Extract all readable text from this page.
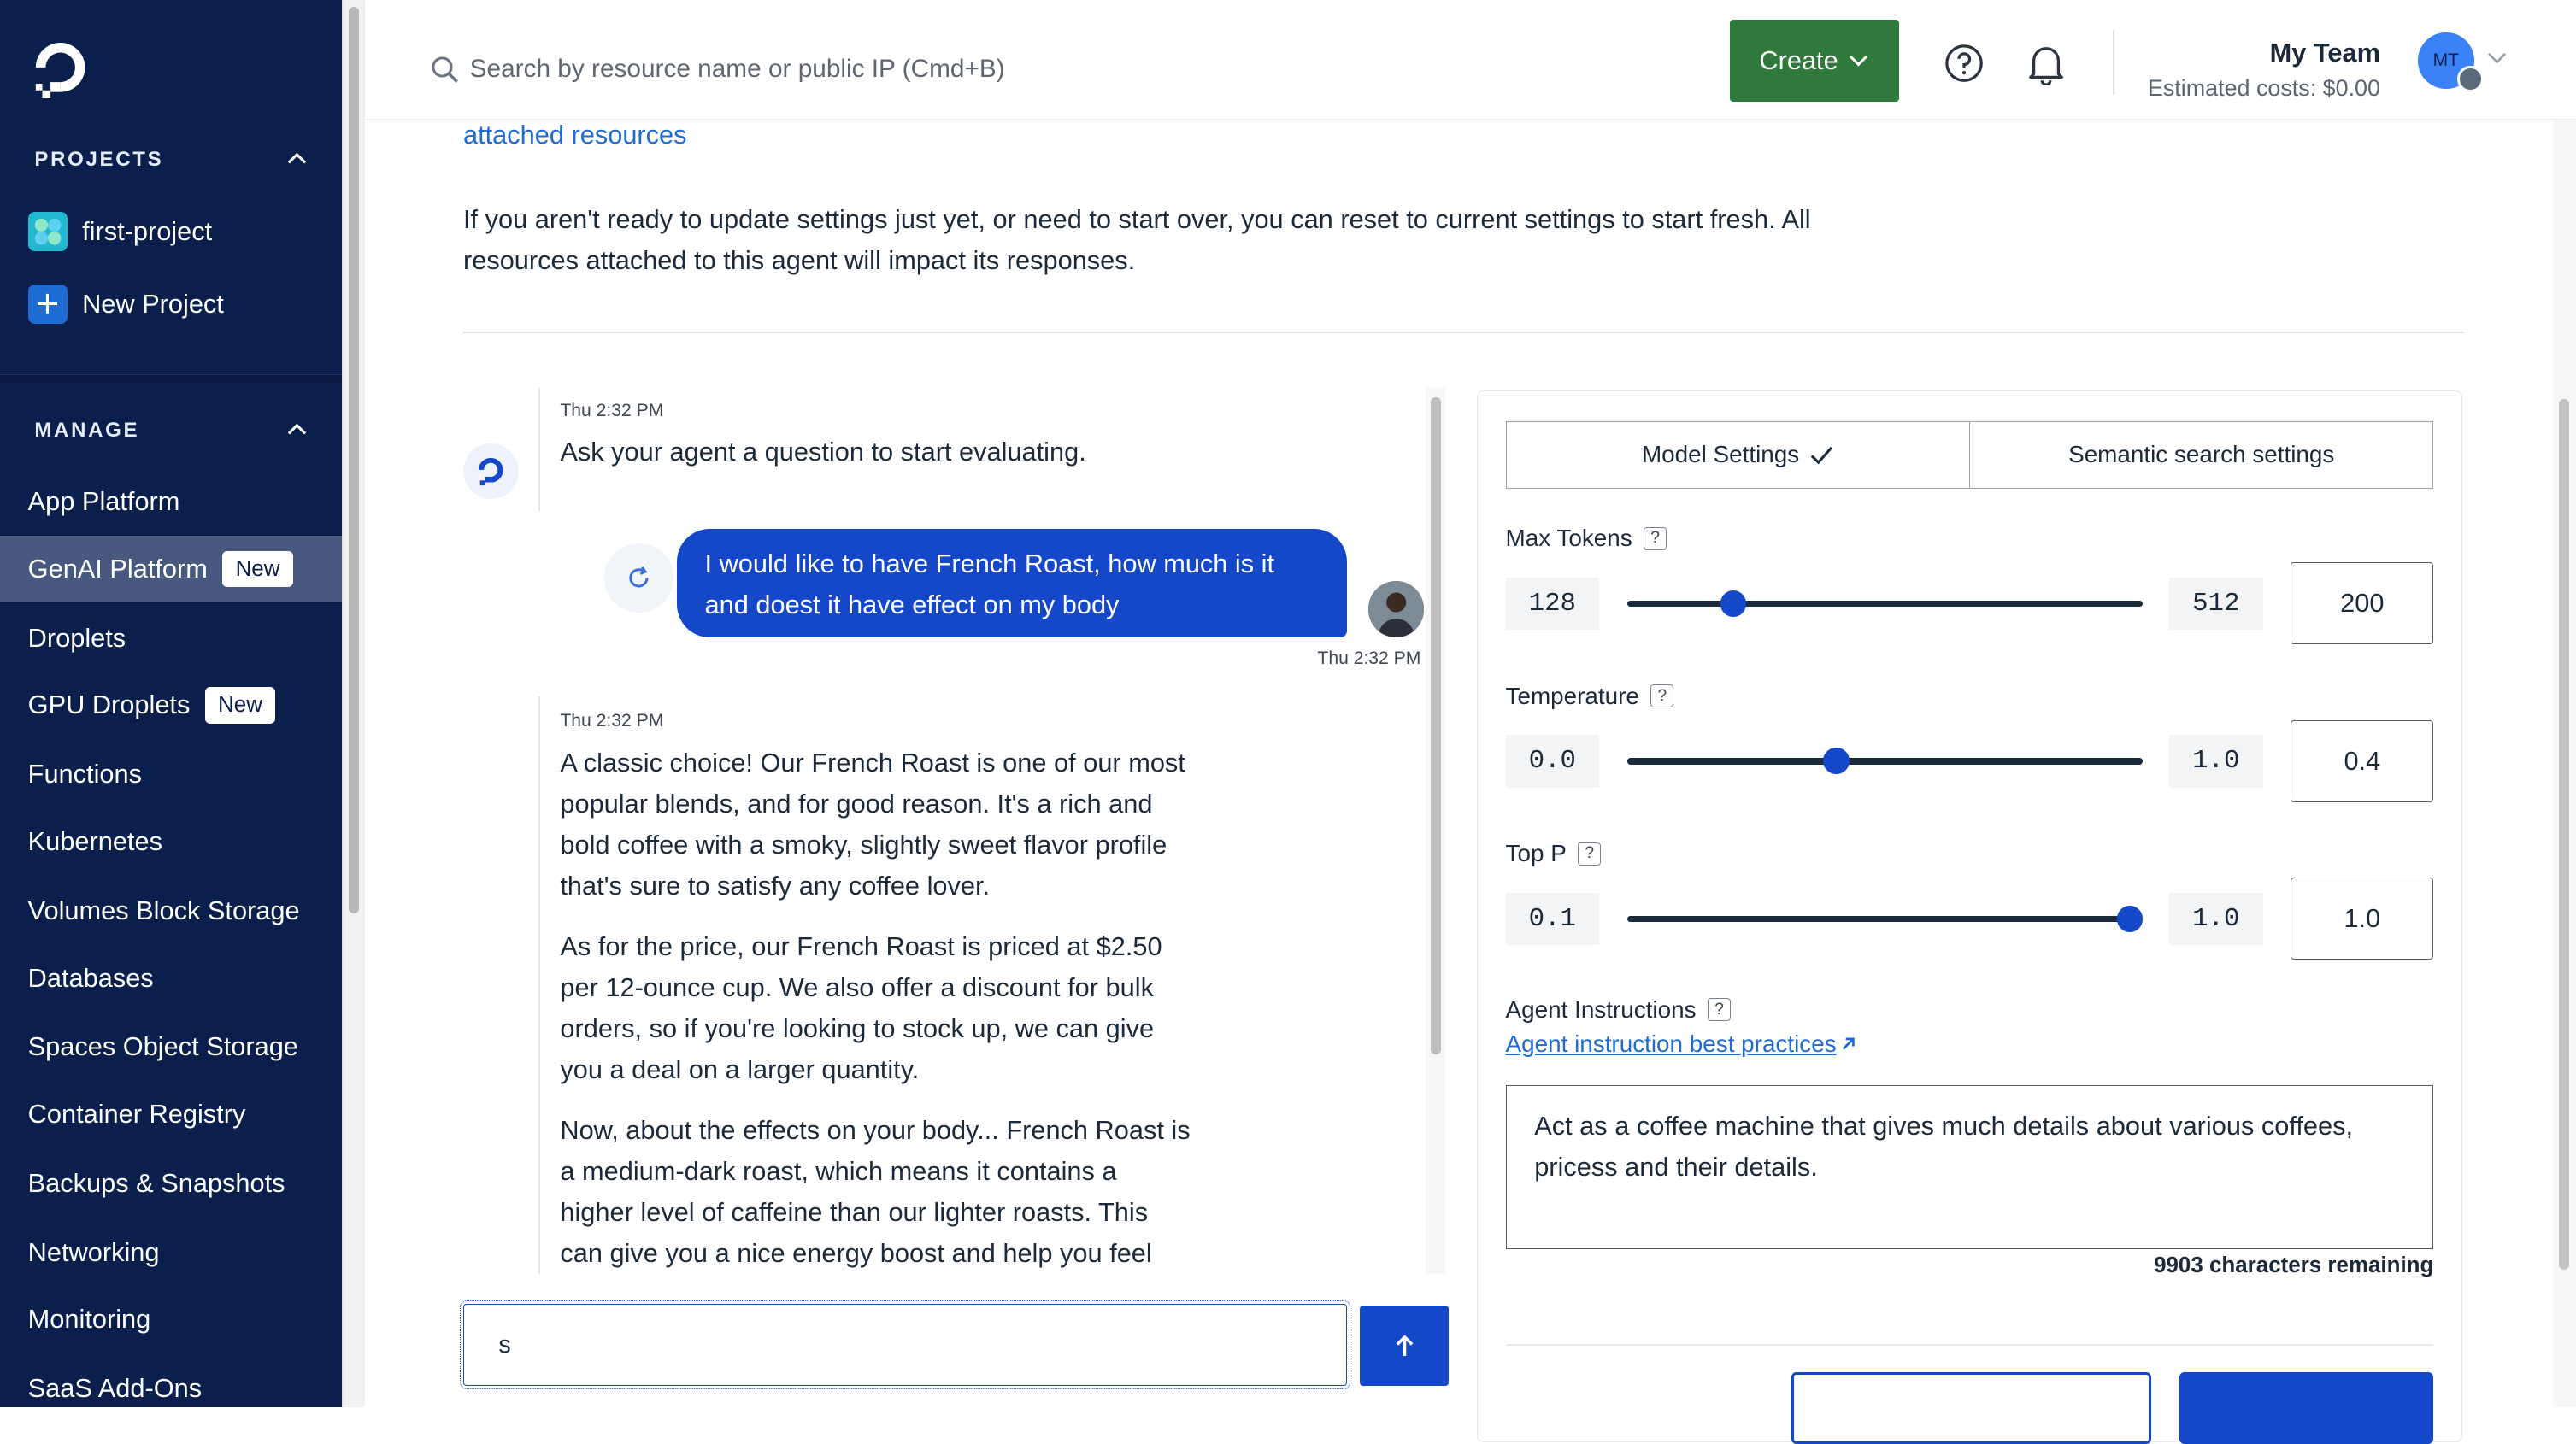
PROJECTS
first-project
New Project
MANAGE
App Platform
GenAI Platform	New
Droplets
GPU Droplets	New
Functions
Kubernetes
Volumes Block Storage
Databases
Spaces Object Storage
Container Registry
Backups & Snapshots
Networking
Monitoring
SaaS Add-Ons
Search by resource name or public IP (Cmd+B)
Create	My Team
Estimated costs: $0.00
MT
attached resources
If you aren't ready to update settings just yet, or need to start over, you can reset to current settings to start fresh. All resources attached to this agent will impact its responses.
Thu 2:32 PM
Ask your agent a question to start evaluating.
I would like to have French Roast, how much is it and doest it have effect on my body
Thu 2:32 PM
Thu 2:32 PM

A classic choice! Our French Roast is one of our most popular blends, and for good reason. It's a rich and bold coffee with a smoky, slightly sweet flavor profile that's sure to satisfy any coffee lover.

As for the price, our French Roast is priced at $2.50 per 12-ounce cup. We also offer a discount for bulk orders, so if you're looking to stock up, we can give you a deal on a larger quantity.

Now, about the effects on your body... French Roast is a medium-dark roast, which means it contains a higher level of caffeine than our lighter roasts. This can give you a nice energy boost and help you feel

s
Model Settings	Semantic search settings
Max Tokens	?
128	512
200
Temperature	?
0.0	1.0
0.4
Top P	?
0.1	1.0
1.0
Agent Instructions	?
Agent instruction best practices
Act as a coffee machine that gives much details about various coffees, pricess and their details.
9903 characters remaining
